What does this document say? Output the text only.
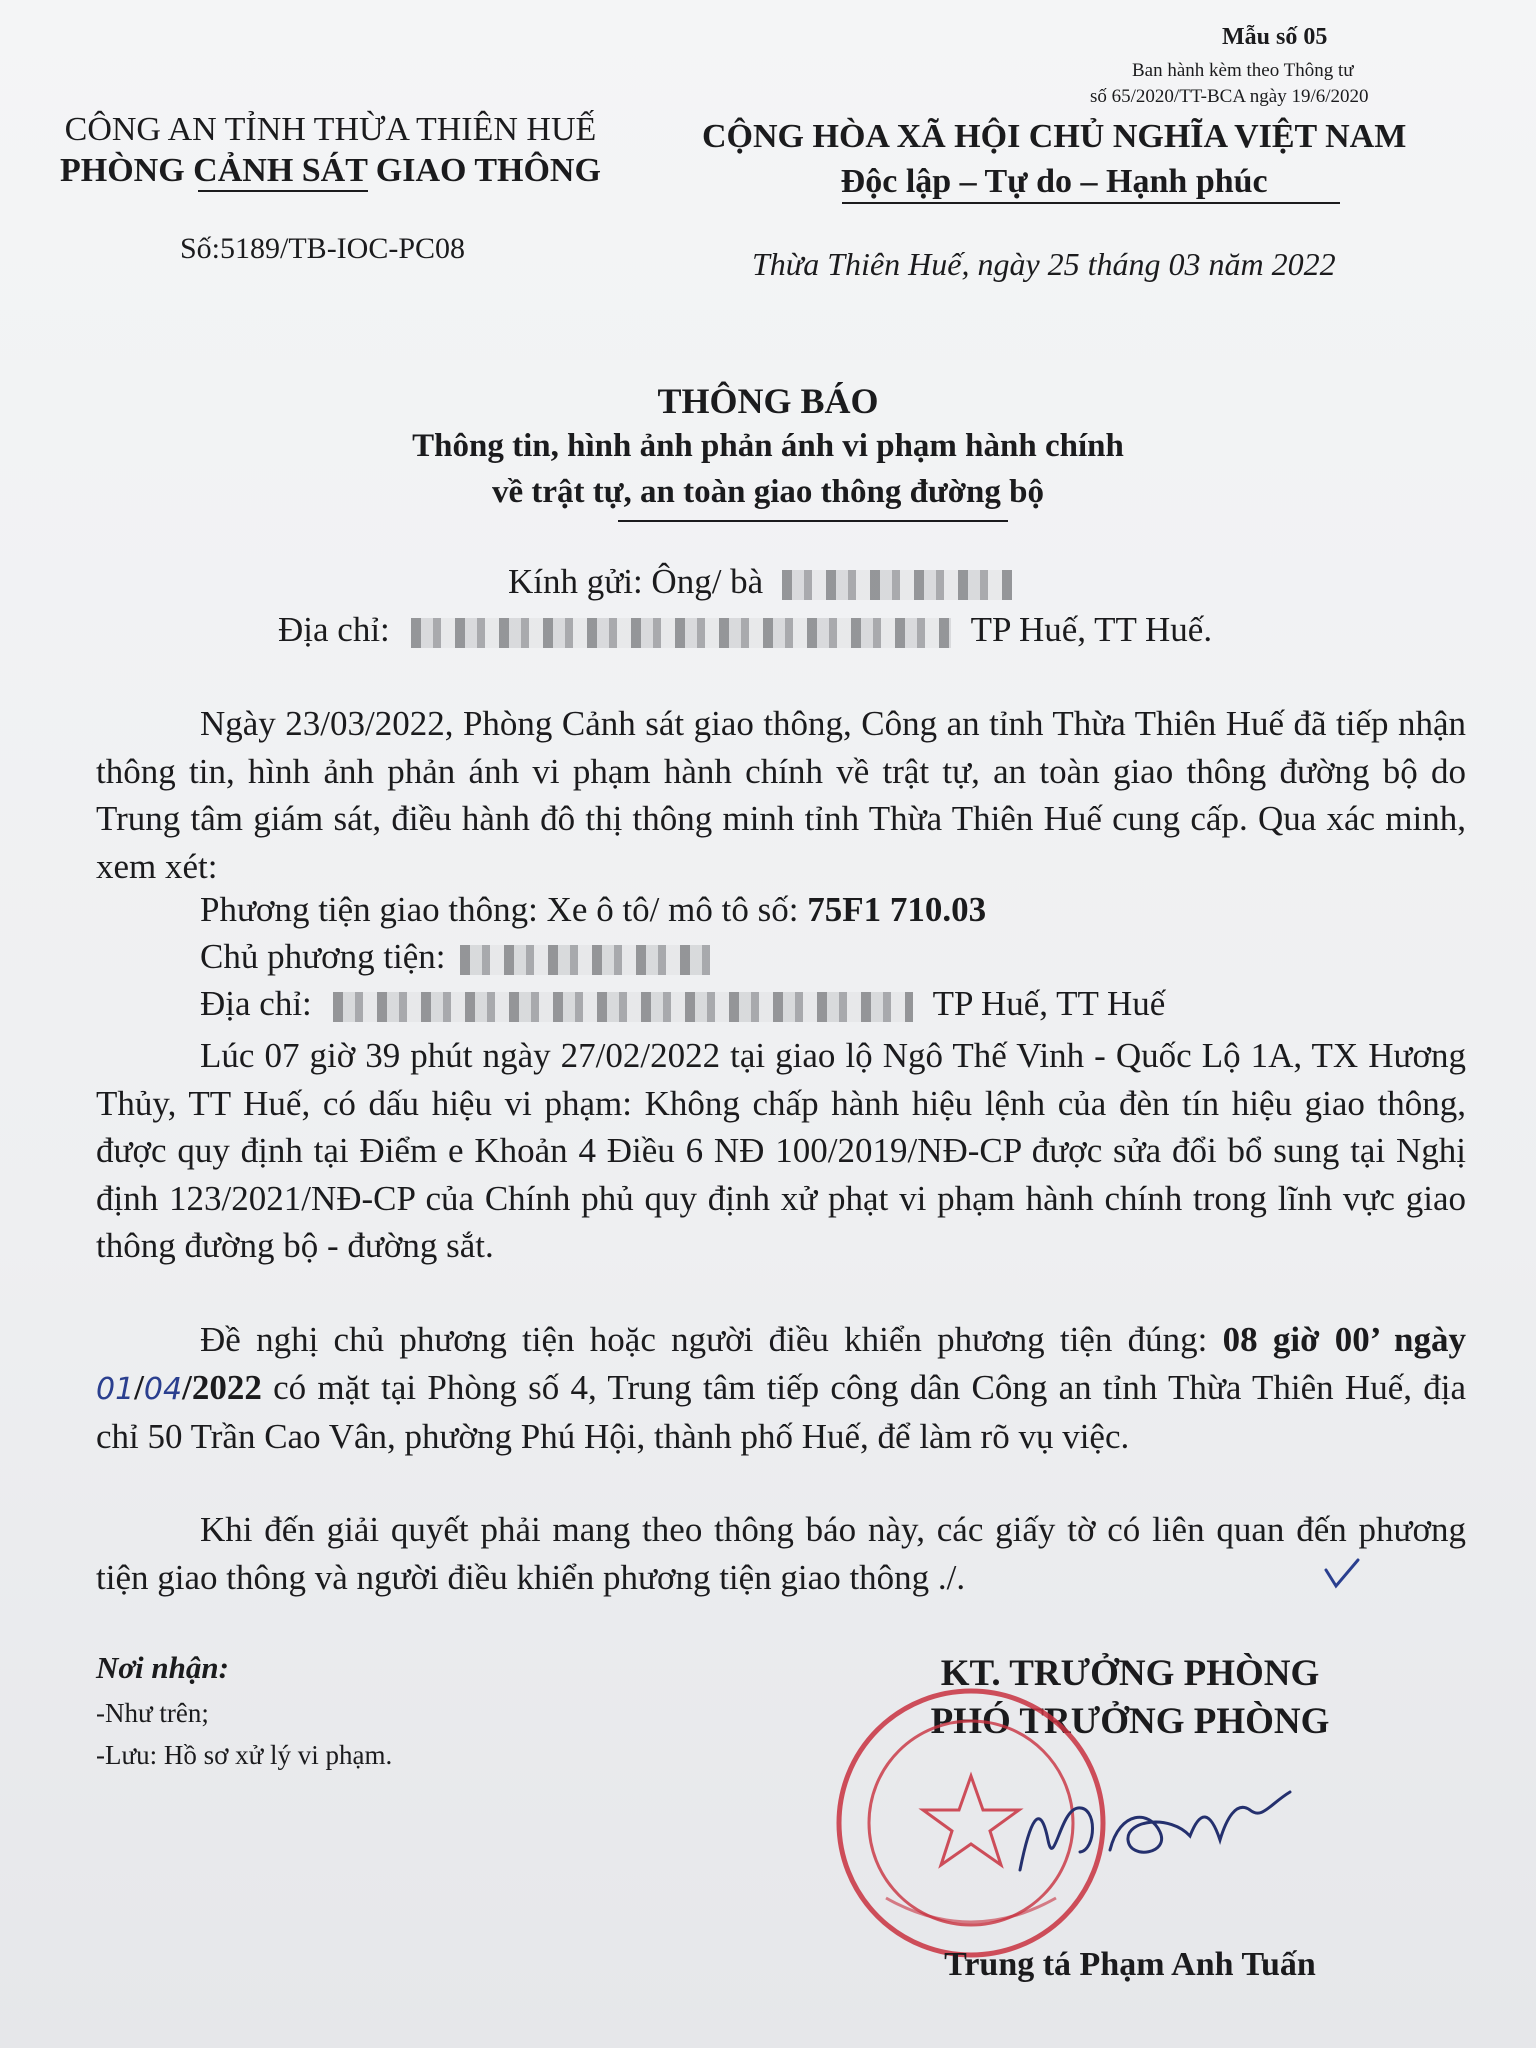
Mẫu số 05
Ban hành kèm theo Thông tư
số 65/2020/TT-BCA ngày 19/6/2020
CÔNG AN TỈNH THỪA THIÊN HUẾ
PHÒNG CẢNH SÁT GIAO THÔNG
CỘNG HÒA XÃ HỘI CHỦ NGHĨA VIỆT NAM
Độc lập – Tự do – Hạnh phúc
Số:5189/TB-IOC-PC08	Thừa Thiên Huế, ngày 25 tháng 03 năm 2022
THÔNG BÁO
Thông tin, hình ảnh phản ánh vi phạm hành chính
về trật tự, an toàn giao thông đường bộ
Kính gửi: Ông/ bà
Địa chỉ:	TP Huế, TT Huế.
Ngày 23/03/2022, Phòng Cảnh sát giao thông, Công an tỉnh Thừa Thiên Huế đã tiếp nhận thông tin, hình ảnh phản ánh vi phạm hành chính về trật tự, an toàn giao thông đường bộ do Trung tâm giám sát, điều hành đô thị thông minh tỉnh Thừa Thiên Huế cung cấp. Qua xác minh, xem xét:
Phương tiện giao thông: Xe ô tô/ mô tô số: 75F1 710.03
Chủ phương tiện:
Địa chỉ:	TP Huế, TT Huế
Lúc 07 giờ 39 phút ngày 27/02/2022 tại giao lộ Ngô Thế Vinh - Quốc Lộ 1A, TX Hương Thủy, TT Huế, có dấu hiệu vi phạm: Không chấp hành hiệu lệnh của đèn tín hiệu giao thông, được quy định tại Điểm e Khoản 4 Điều 6 NĐ 100/2019/NĐ-CP được sửa đổi bổ sung tại Nghị định 123/2021/NĐ-CP của Chính phủ quy định xử phạt vi phạm hành chính trong lĩnh vực giao thông đường bộ - đường sắt.
Đề nghị chủ phương tiện hoặc người điều khiển phương tiện đúng: 08 giờ 00’ ngày 01/04/2022 có mặt tại Phòng số 4, Trung tâm tiếp công dân Công an tỉnh Thừa Thiên Huế, địa chỉ 50 Trần Cao Vân, phường Phú Hội, thành phố Huế, để làm rõ vụ việc.
Khi đến giải quyết phải mang theo thông báo này, các giấy tờ có liên quan đến phương tiện giao thông và người điều khiển phương tiện giao thông ./.
Nơi nhận:
-Như trên;
-Lưu: Hồ sơ xử lý vi phạm.
KT. TRƯỞNG PHÒNG
PHÓ TRƯỞNG PHÒNG
Trung tá Phạm Anh Tuấn
